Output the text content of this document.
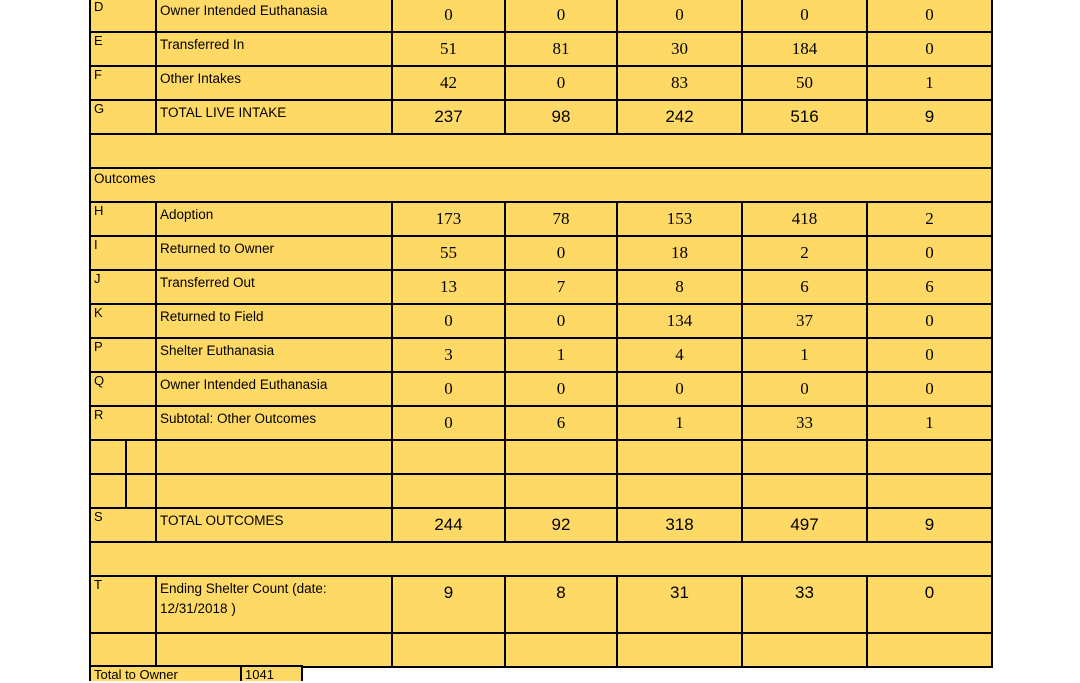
D	Owner Intended Euthanasia	0	0	0	0	0
E	Transferred In	51	81	30	184	0
F	Other Intakes	42	0	83	50	1
G	TOTAL LIVE INTAKE	237	98	242	516	9

Outcomes						
H	Adoption	173	78	153	418	2
I	Returned to Owner	55	0	18	2	0
J	Transferred Out	13	7	8	6	6
K	Returned to Field	0	0	134	37	0
P	Shelter Euthanasia	3	1	4	1	0
Q	Owner Intended Euthanasia	0	0	0	0	0
R	Subtotal: Other Outcomes	0	6	1	33	1

S	TOTAL OUTCOMES	244	92	318	497	9

T	Ending Shelter Count (date: 12/31/2018 )	9	8	31	33	0

Total to Owner	1041
